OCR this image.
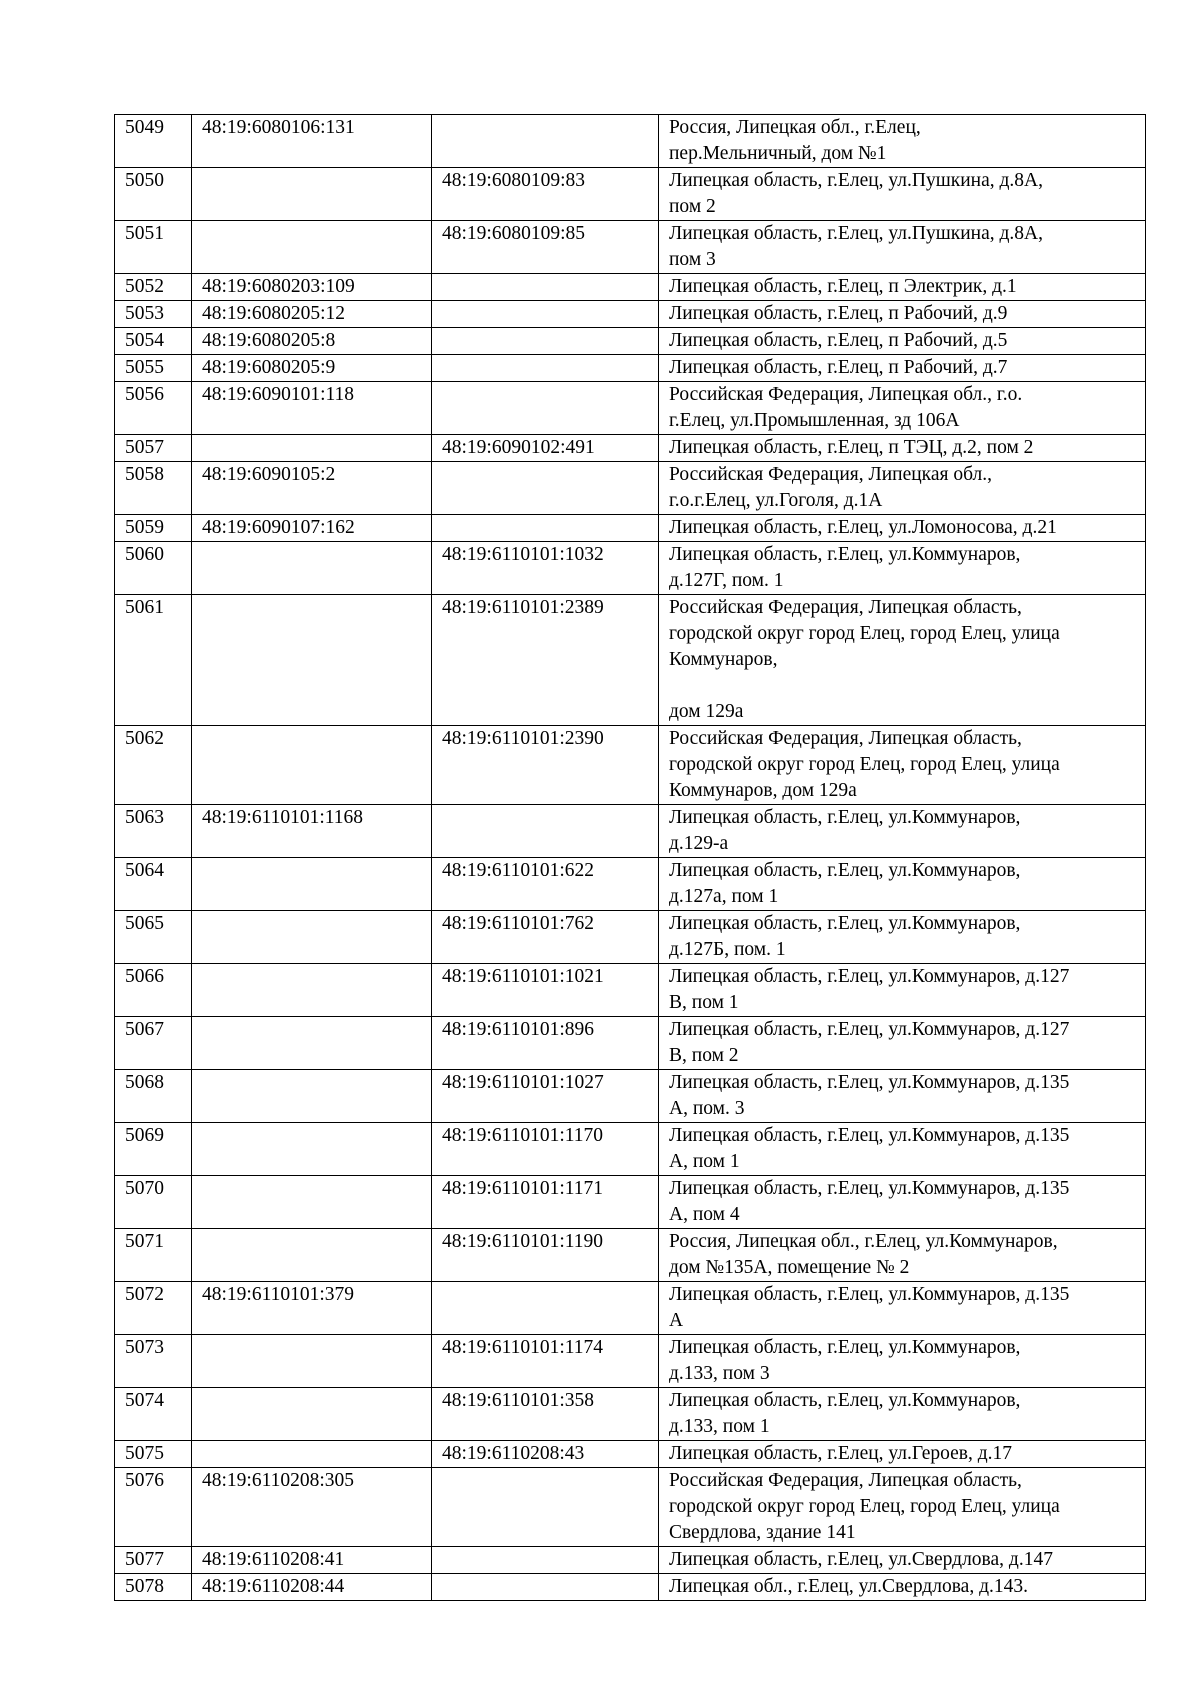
5049	48:19:6080106:131		Россия, Липецкая обл., г.Елец,
пер.Мельничный, дом №1

5050		48:19:6080109:83	Липецкая область, г.Елец, ул.Пушкина, д.8А,
пом 2

5051		48:19:6080109:85	Липецкая область, г.Елец, ул.Пушкина, д.8А,
пом 3

5052	48:19:6080203:109		Липецкая область, г.Елец, п Электрик, д.1

5053	48:19:6080205:12		Липецкая область, г.Елец, п Рабочий, д.9

5054	48:19:6080205:8		Липецкая область, г.Елец, п Рабочий, д.5

5055	48:19:6080205:9		Липецкая область, г.Елец, п Рабочий, д.7

5056	48:19:6090101:118		Российская Федерация, Липецкая обл., г.о.
г.Елец, ул.Промышленная, зд 106А

5057		48:19:6090102:491	Липецкая область, г.Елец, п ТЭЦ, д.2, пом 2

5058	48:19:6090105:2		Российская Федерация, Липецкая обл.,
г.о.г.Елец, ул.Гоголя, д.1А

5059	48:19:6090107:162		Липецкая область, г.Елец, ул.Ломоносова, д.21

5060		48:19:6110101:1032	Липецкая область, г.Елец, ул.Коммунаров,
д.127Г, пом. 1

5061		48:19:6110101:2389	Российская Федерация, Липецкая область,
городской округ город Елец, город Елец, улица
Коммунаров,
дом 129а

5062		48:19:6110101:2390	Российская Федерация, Липецкая область,
городской округ город Елец, город Елец, улица
Коммунаров, дом 129а

5063	48:19:6110101:1168		Липецкая область, г.Елец, ул.Коммунаров,
д.129-а

5064		48:19:6110101:622	Липецкая область, г.Елец, ул.Коммунаров,
д.127а, пом 1

5065		48:19:6110101:762	Липецкая область, г.Елец, ул.Коммунаров,
д.127Б, пом. 1

5066		48:19:6110101:1021	Липецкая область, г.Елец, ул.Коммунаров, д.127
В, пом 1

5067		48:19:6110101:896	Липецкая область, г.Елец, ул.Коммунаров, д.127
В, пом 2

5068		48:19:6110101:1027	Липецкая область, г.Елец, ул.Коммунаров, д.135
А, пом. 3

5069		48:19:6110101:1170	Липецкая область, г.Елец, ул.Коммунаров, д.135
А, пом 1

5070		48:19:6110101:1171	Липецкая область, г.Елец, ул.Коммунаров, д.135
А, пом 4

5071		48:19:6110101:1190	Россия, Липецкая обл., г.Елец, ул.Коммунаров,
дом №135А, помещение № 2

5072	48:19:6110101:379		Липецкая область, г.Елец, ул.Коммунаров, д.135
А

5073		48:19:6110101:1174	Липецкая область, г.Елец, ул.Коммунаров,
д.133, пом 3

5074		48:19:6110101:358	Липецкая область, г.Елец, ул.Коммунаров,
д.133, пом 1

5075		48:19:6110208:43	Липецкая область, г.Елец, ул.Героев, д.17

5076	48:19:6110208:305		Российская Федерация, Липецкая область,
городской округ город Елец, город Елец, улица
Свердлова, здание 141

5077	48:19:6110208:41		Липецкая область, г.Елец, ул.Свердлова, д.147

5078	48:19:6110208:44		Липецкая обл., г.Елец, ул.Свердлова, д.143.
